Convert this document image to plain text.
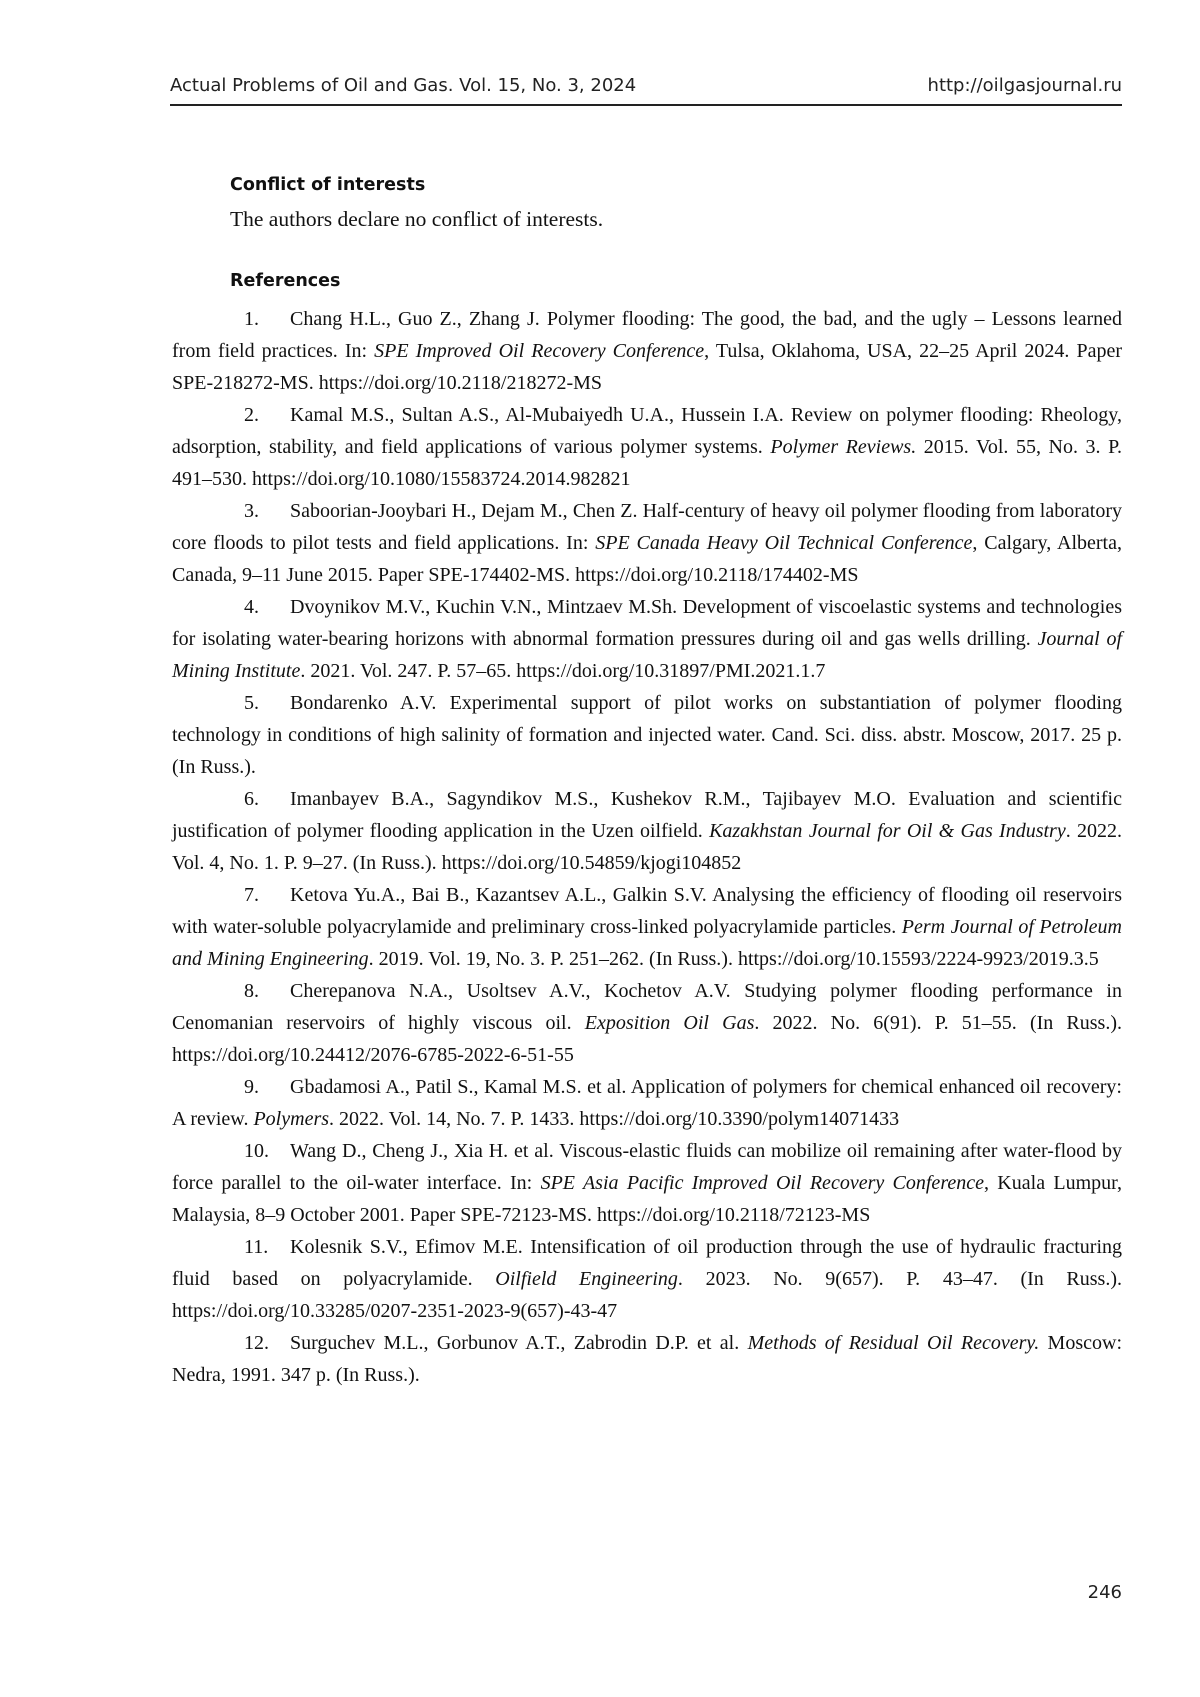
Actual Problems of Oil and Gas. Vol. 15, No. 3, 2024	http://oilgasjournal.ru
Conflict of interests
The authors declare no conflict of interests.
References

1. Chang H.L., Guo Z., Zhang J. Polymer flooding: The good, the bad, and the ugly – Lessons learned from field practices. In: SPE Improved Oil Recovery Conference, Tulsa, Oklahoma, USA, 22–25 April 2024. Paper SPE-218272-MS. https://doi.org/10.2118/218272-MS

2. Kamal M.S., Sultan A.S., Al-Mubaiyedh U.A., Hussein I.A. Review on polymer flooding: Rheology, adsorption, stability, and field applications of various polymer systems. Polymer Reviews. 2015. Vol. 55, No. 3. P. 491–530. https://doi.org/10.1080/15583724.2014.982821

3. Saboorian-Jooybari H., Dejam M., Chen Z. Half-century of heavy oil polymer flooding from laboratory core floods to pilot tests and field applications. In: SPE Canada Heavy Oil Technical Conference, Calgary, Alberta, Canada, 9–11 June 2015. Paper SPE-174402-MS. https://doi.org/10.2118/174402-MS

4. Dvoynikov M.V., Kuchin V.N., Mintzaev M.Sh. Development of viscoelastic systems and technologies for isolating water-bearing horizons with abnormal formation pressures during oil and gas wells drilling. Journal of Mining Institute. 2021. Vol. 247. P. 57–65. https://doi.org/10.31897/PMI.2021.1.7

5. Bondarenko A.V. Experimental support of pilot works on substantiation of polymer flooding technology in conditions of high salinity of formation and injected water. Cand. Sci. diss. abstr. Moscow, 2017. 25 p. (In Russ.).

6. Imanbayev B.A., Sagyndikov M.S., Kushekov R.M., Tajibayev M.O. Evaluation and scientific justification of polymer flooding application in the Uzen oilfield. Kazakhstan Journal for Oil & Gas Industry. 2022. Vol. 4, No. 1. P. 9–27. (In Russ.). https://doi.org/10.54859/kjogi104852

7. Ketova Yu.A., Bai B., Kazantsev A.L., Galkin S.V. Analysing the efficiency of flooding oil reservoirs with water-soluble polyacrylamide and preliminary cross-linked polyacrylamide particles. Perm Journal of Petroleum and Mining Engineering. 2019. Vol. 19, No. 3. P. 251–262. (In Russ.). https://doi.org/10.15593/2224-9923/2019.3.5

8. Cherepanova N.A., Usoltsev A.V., Kochetov A.V. Studying polymer flooding performance in Cenomanian reservoirs of highly viscous oil. Exposition Oil Gas. 2022. No. 6(91). P. 51–55. (In Russ.). https://doi.org/10.24412/2076-6785-2022-6-51-55

9. Gbadamosi A., Patil S., Kamal M.S. et al. Application of polymers for chemical enhanced oil recovery: A review. Polymers. 2022. Vol. 14, No. 7. P. 1433. https://doi.org/10.3390/polym14071433

10. Wang D., Cheng J., Xia H. et al. Viscous-elastic fluids can mobilize oil remaining after water-flood by force parallel to the oil-water interface. In: SPE Asia Pacific Improved Oil Recovery Conference, Kuala Lumpur, Malaysia, 8–9 October 2001. Paper SPE-72123-MS. https://doi.org/10.2118/72123-MS

11. Kolesnik S.V., Efimov M.E. Intensification of oil production through the use of hydraulic fracturing fluid based on polyacrylamide. Oilfield Engineering. 2023. No. 9(657). P. 43–47. (In Russ.). https://doi.org/10.33285/0207-2351-2023-9(657)-43-47

12. Surguchev M.L., Gorbunov A.T., Zabrodin D.P. et al. Methods of Residual Oil Recovery. Moscow: Nedra, 1991. 347 p. (In Russ.).

246
